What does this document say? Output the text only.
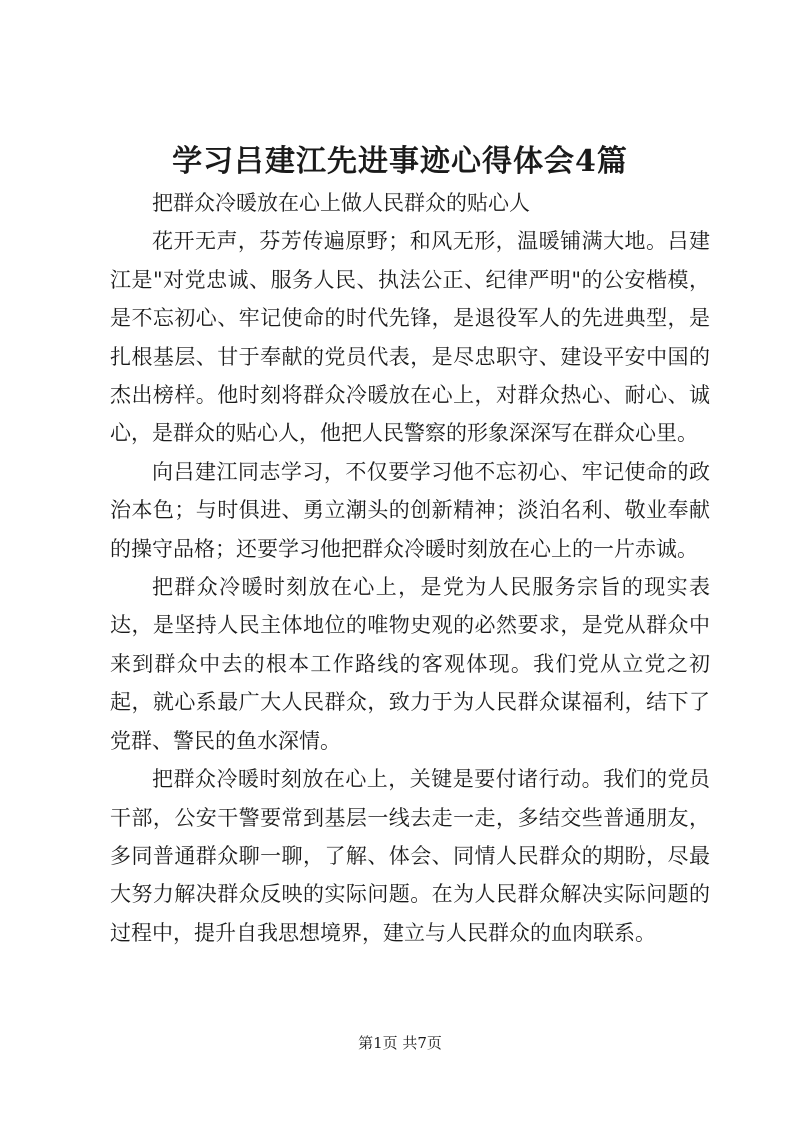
学习吕建江先进事迹心得体会4篇

把群众冷暖放在心上做人民群众的贴心人

花开无声，芬芳传遍原野；和风无形，温暖铺满大地。吕建江是"对党忠诚、服务人民、执法公正、纪律严明"的公安楷模，是不忘初心、牢记使命的时代先锋，是退役军人的先进典型，是扎根基层、甘于奉献的党员代表，是尽忠职守、建设平安中国的杰出榜样。他时刻将群众冷暖放在心上，对群众热心、耐心、诚心，是群众的贴心人，他把人民警察的形象深深写在群众心里。

向吕建江同志学习，不仅要学习他不忘初心、牢记使命的政治本色；与时俱进、勇立潮头的创新精神；淡泊名利、敬业奉献的操守品格；还要学习他把群众冷暖时刻放在心上的一片赤诚。

把群众冷暖时刻放在心上，是党为人民服务宗旨的现实表达，是坚持人民主体地位的唯物史观的必然要求，是党从群众中来到群众中去的根本工作路线的客观体现。我们党从立党之初起，就心系最广大人民群众，致力于为人民群众谋福利，结下了党群、警民的鱼水深情。

把群众冷暖时刻放在心上，关键是要付诸行动。我们的党员干部，公安干警要常到基层一线去走一走，多结交些普通朋友，多同普通群众聊一聊，了解、体会、同情人民群众的期盼，尽最大努力解决群众反映的实际问题。在为人民群众解决实际问题的过程中，提升自我思想境界，建立与人民群众的血肉联系。

第1页 共7页
